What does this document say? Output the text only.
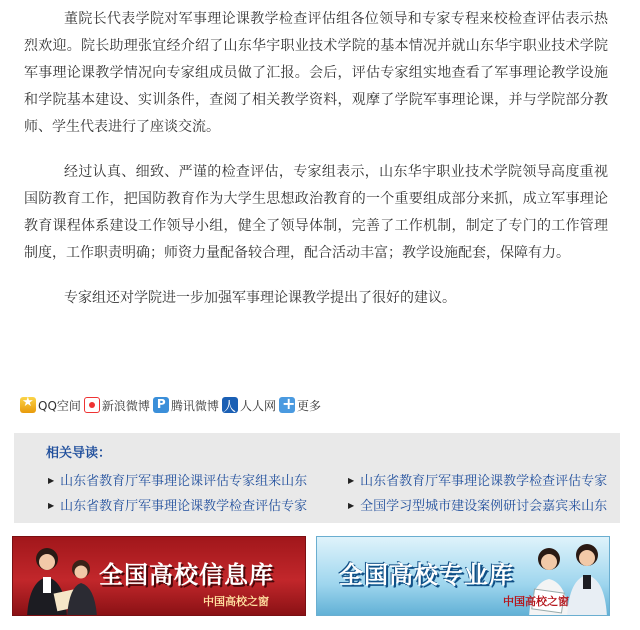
董院长代表学院对军事理论课教学检查评估组各位领导和专家专程来校检查评估表示热烈欢迎。院长助理张宜经介绍了山东华宇职业技术学院的基本情况并就山东华宇职业技术学院军事理论课教学情况向专家组成员做了汇报。会后，评估专家组实地查看了军事理论教学设施和学院基本建设、实训条件，查阅了相关教学资料，观摩了学院军事理论课，并与学院部分教师、学生代表进行了座谈交流。

经过认真、细致、严谨的检查评估，专家组表示，山东华宇职业技术学院领导高度重视国防教育工作，把国防教育作为大学生思想政治教育的一个重要组成部分来抓，成立军事理论教育课程体系建设工作领导小组，健全了领导体制，完善了工作机制，制定了专门的工作管理制度，工作职责明确；师资力量配备较合理，配合活动丰富；教学设施配套，保障有力。

专家组还对学院进一步加强军事理论课教学提出了很好的建议。

★
QQ空间 新浪微博 P 腾讯微博 人 人人网 + 更多
相关导读：
▶ 山东省教育厅军事理论课评估专家组来山东	▶ 山东省教育厅军事理论课教学检查评估专家
▶ 山东省教育厅军事理论课教学检查评估专家	▶ 全国学习型城市建设案例研讨会嘉宾来山东
全国高校信息库
中国高校之窗
全国高校专业库
中国高校之窗
